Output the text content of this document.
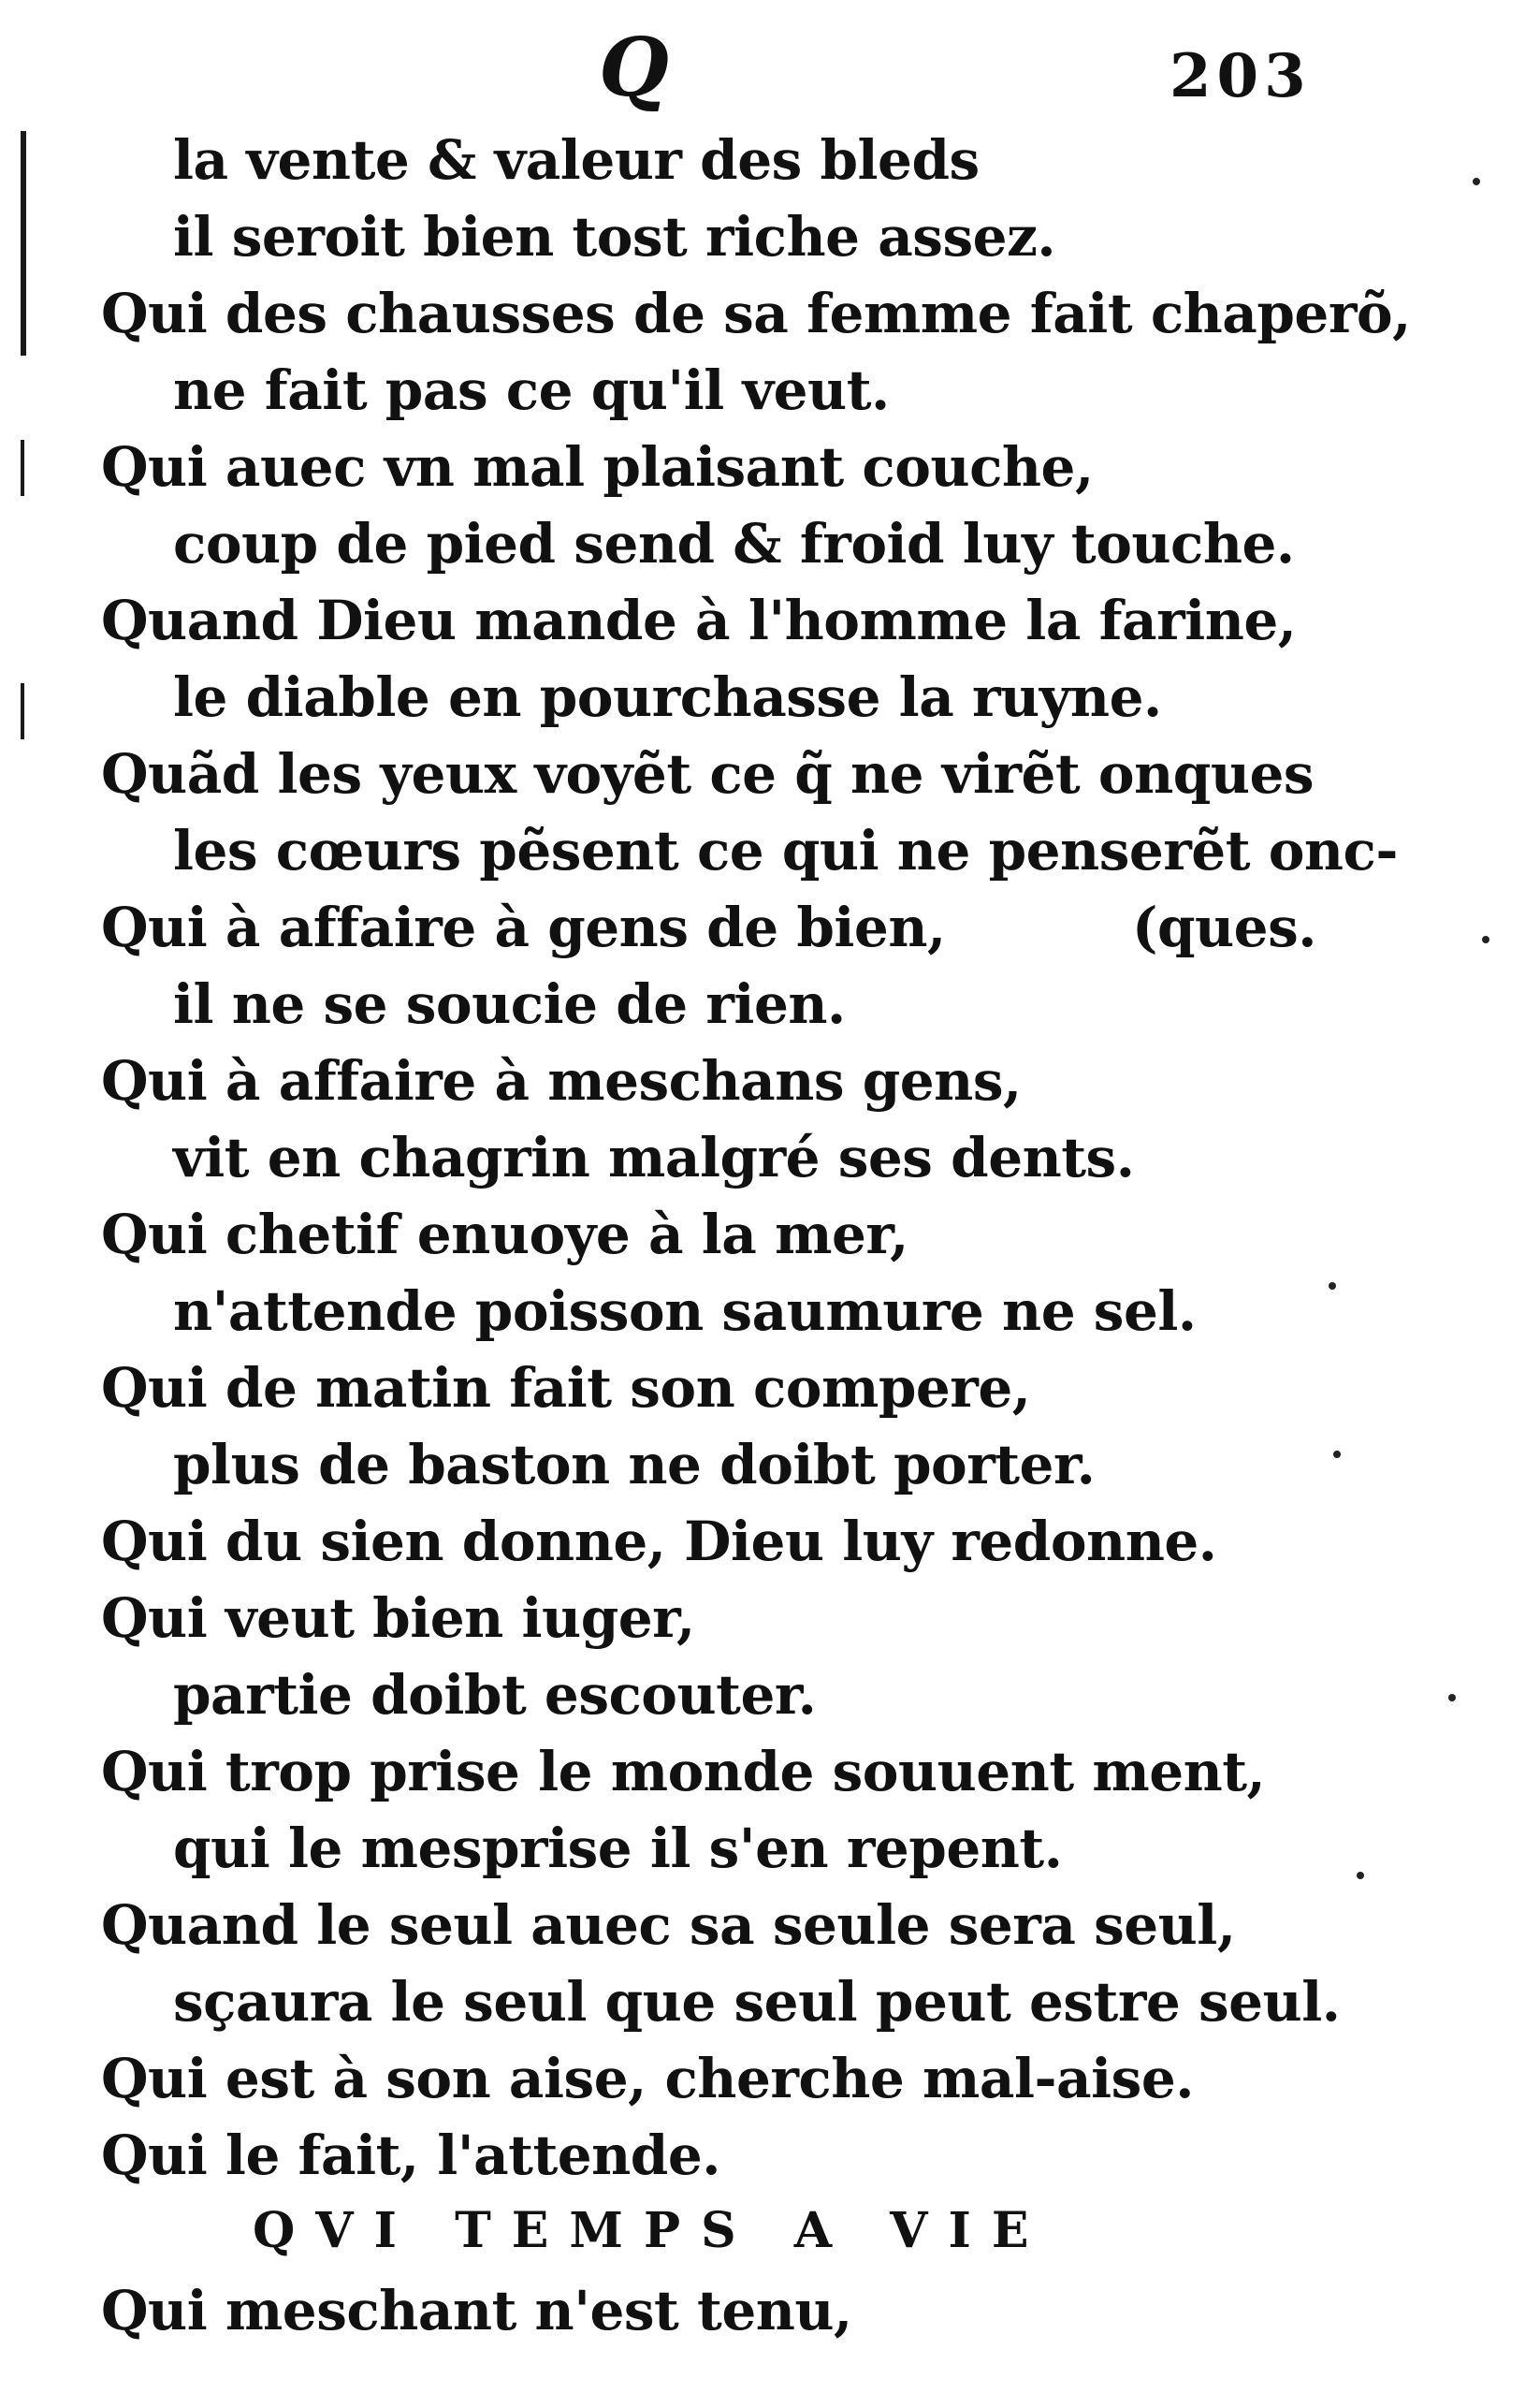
Q	203
la vente & valeur des bleds
il seroit bien tost riche assez.
Qui des chausses de sa femme fait chaperõ,
ne fait pas ce qu'il veut.
Qui auec vn mal plaisant couche,
coup de pied send & froid luy touche.
Quand Dieu mande à l'homme la farine,
le diable en pourchasse la ruyne.
Quãd les yeux voyẽt ce q̃ ne virẽt onques
les cœurs pẽsent ce qui ne penserẽt onc-
Qui à affaire à gens de bien,	(ques.
il ne se soucie de rien.
Qui à affaire à meschans gens,
vit en chagrin malgré ses dents.
Qui chetif enuoye à la mer,
n'attende poisson saumure ne sel.
Qui de matin fait son compere,
plus de baston ne doibt porter.
Qui du sien donne, Dieu luy redonne.
Qui veut bien iuger,
partie doibt escouter.
Qui trop prise le monde souuent ment,
qui le mesprise il s'en repent.
Quand le seul auec sa seule sera seul,
sçaura le seul que seul peut estre seul.
Qui est à son aise, cherche mal-aise.
Qui le fait, l'attende.
QVI TEMPS A VIE
Qui meschant n'est tenu,
